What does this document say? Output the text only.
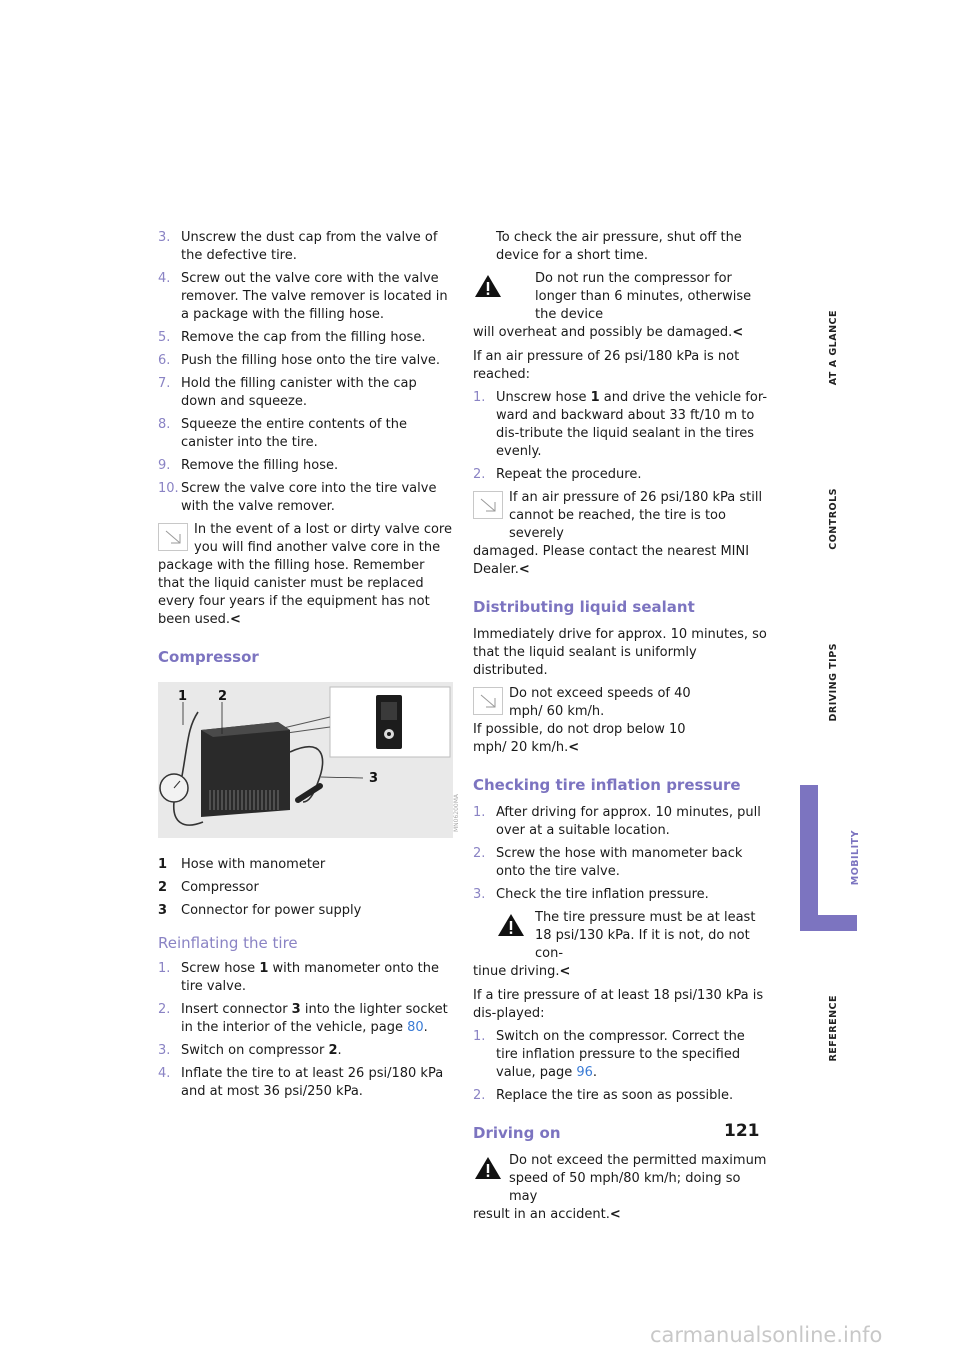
3. Unscrew the dust cap from the valve of the defective tire.
4. Screw out the valve core with the valve remover. The valve remover is located in a package with the filling hose.
5. Remove the cap from the filling hose.
6. Push the filling hose onto the tire valve.
7. Hold the filling canister with the cap down and squeeze.
8. Squeeze the entire contents of the canister into the tire.
9. Remove the filling hose.
10. Screw the valve core into the tire valve with the valve remover.
In the event of a lost or dirty valve core you will find another valve core in the
package with the filling hose. Remember that the liquid canister must be replaced every four years if the equipment has not been used.<
Compressor
1 2
3
MN06200MA
1 Hose with manometer
2 Compressor
3 Connector for power supply
Reinflating the tire
1. Screw hose 1 with manometer onto the tire valve.
2. Insert connector 3 into the lighter socket in the interior of the vehicle, page 80.
3. Switch on compressor 2.
4. Inflate the tire to at least 26 psi/180 kPa and at most 36 psi/250 kPa.
To check the air pressure, shut off the device for a short time.
Do not run the compressor for longer than 6 minutes, otherwise the device
will overheat and possibly be damaged.<
If an air pressure of 26 psi/180 kPa is not reached:
1. Unscrew hose 1 and drive the vehicle for-ward and backward about 33 ft/10 m to dis-tribute the liquid sealant in the tires evenly.
2. Repeat the procedure.
If an air pressure of 26 psi/180 kPa still cannot be reached, the tire is too severely
damaged. Please contact the nearest MINI Dealer.<
Distributing liquid sealant
Immediately drive for approx. 10 minutes, so that the liquid sealant is uniformly distributed.
Do not exceed speeds of 40 mph/ 60 km/h.
If possible, do not drop below 10 mph/ 20 km/h.<
Checking tire inflation pressure
1. After driving for approx. 10 minutes, pull over at a suitable location.
2. Screw the hose with manometer back onto the tire valve.
3. Check the tire inflation pressure.
The tire pressure must be at least 18 psi/130 kPa. If it is not, do not con-
tinue driving.<
If a tire pressure of at least 18 psi/130 kPa is dis-played:
1. Switch on the compressor. Correct the tire inflation pressure to the specified value, page 96.
2. Replace the tire as soon as possible.
Driving on
Do not exceed the permitted maximum speed of 50 mph/80 km/h; doing so may
result in an accident.<
AT A GLANCE
CONTROLS
DRIVING TIPS
MOBILITY
REFERENCE
121
carmanualsonline.info
